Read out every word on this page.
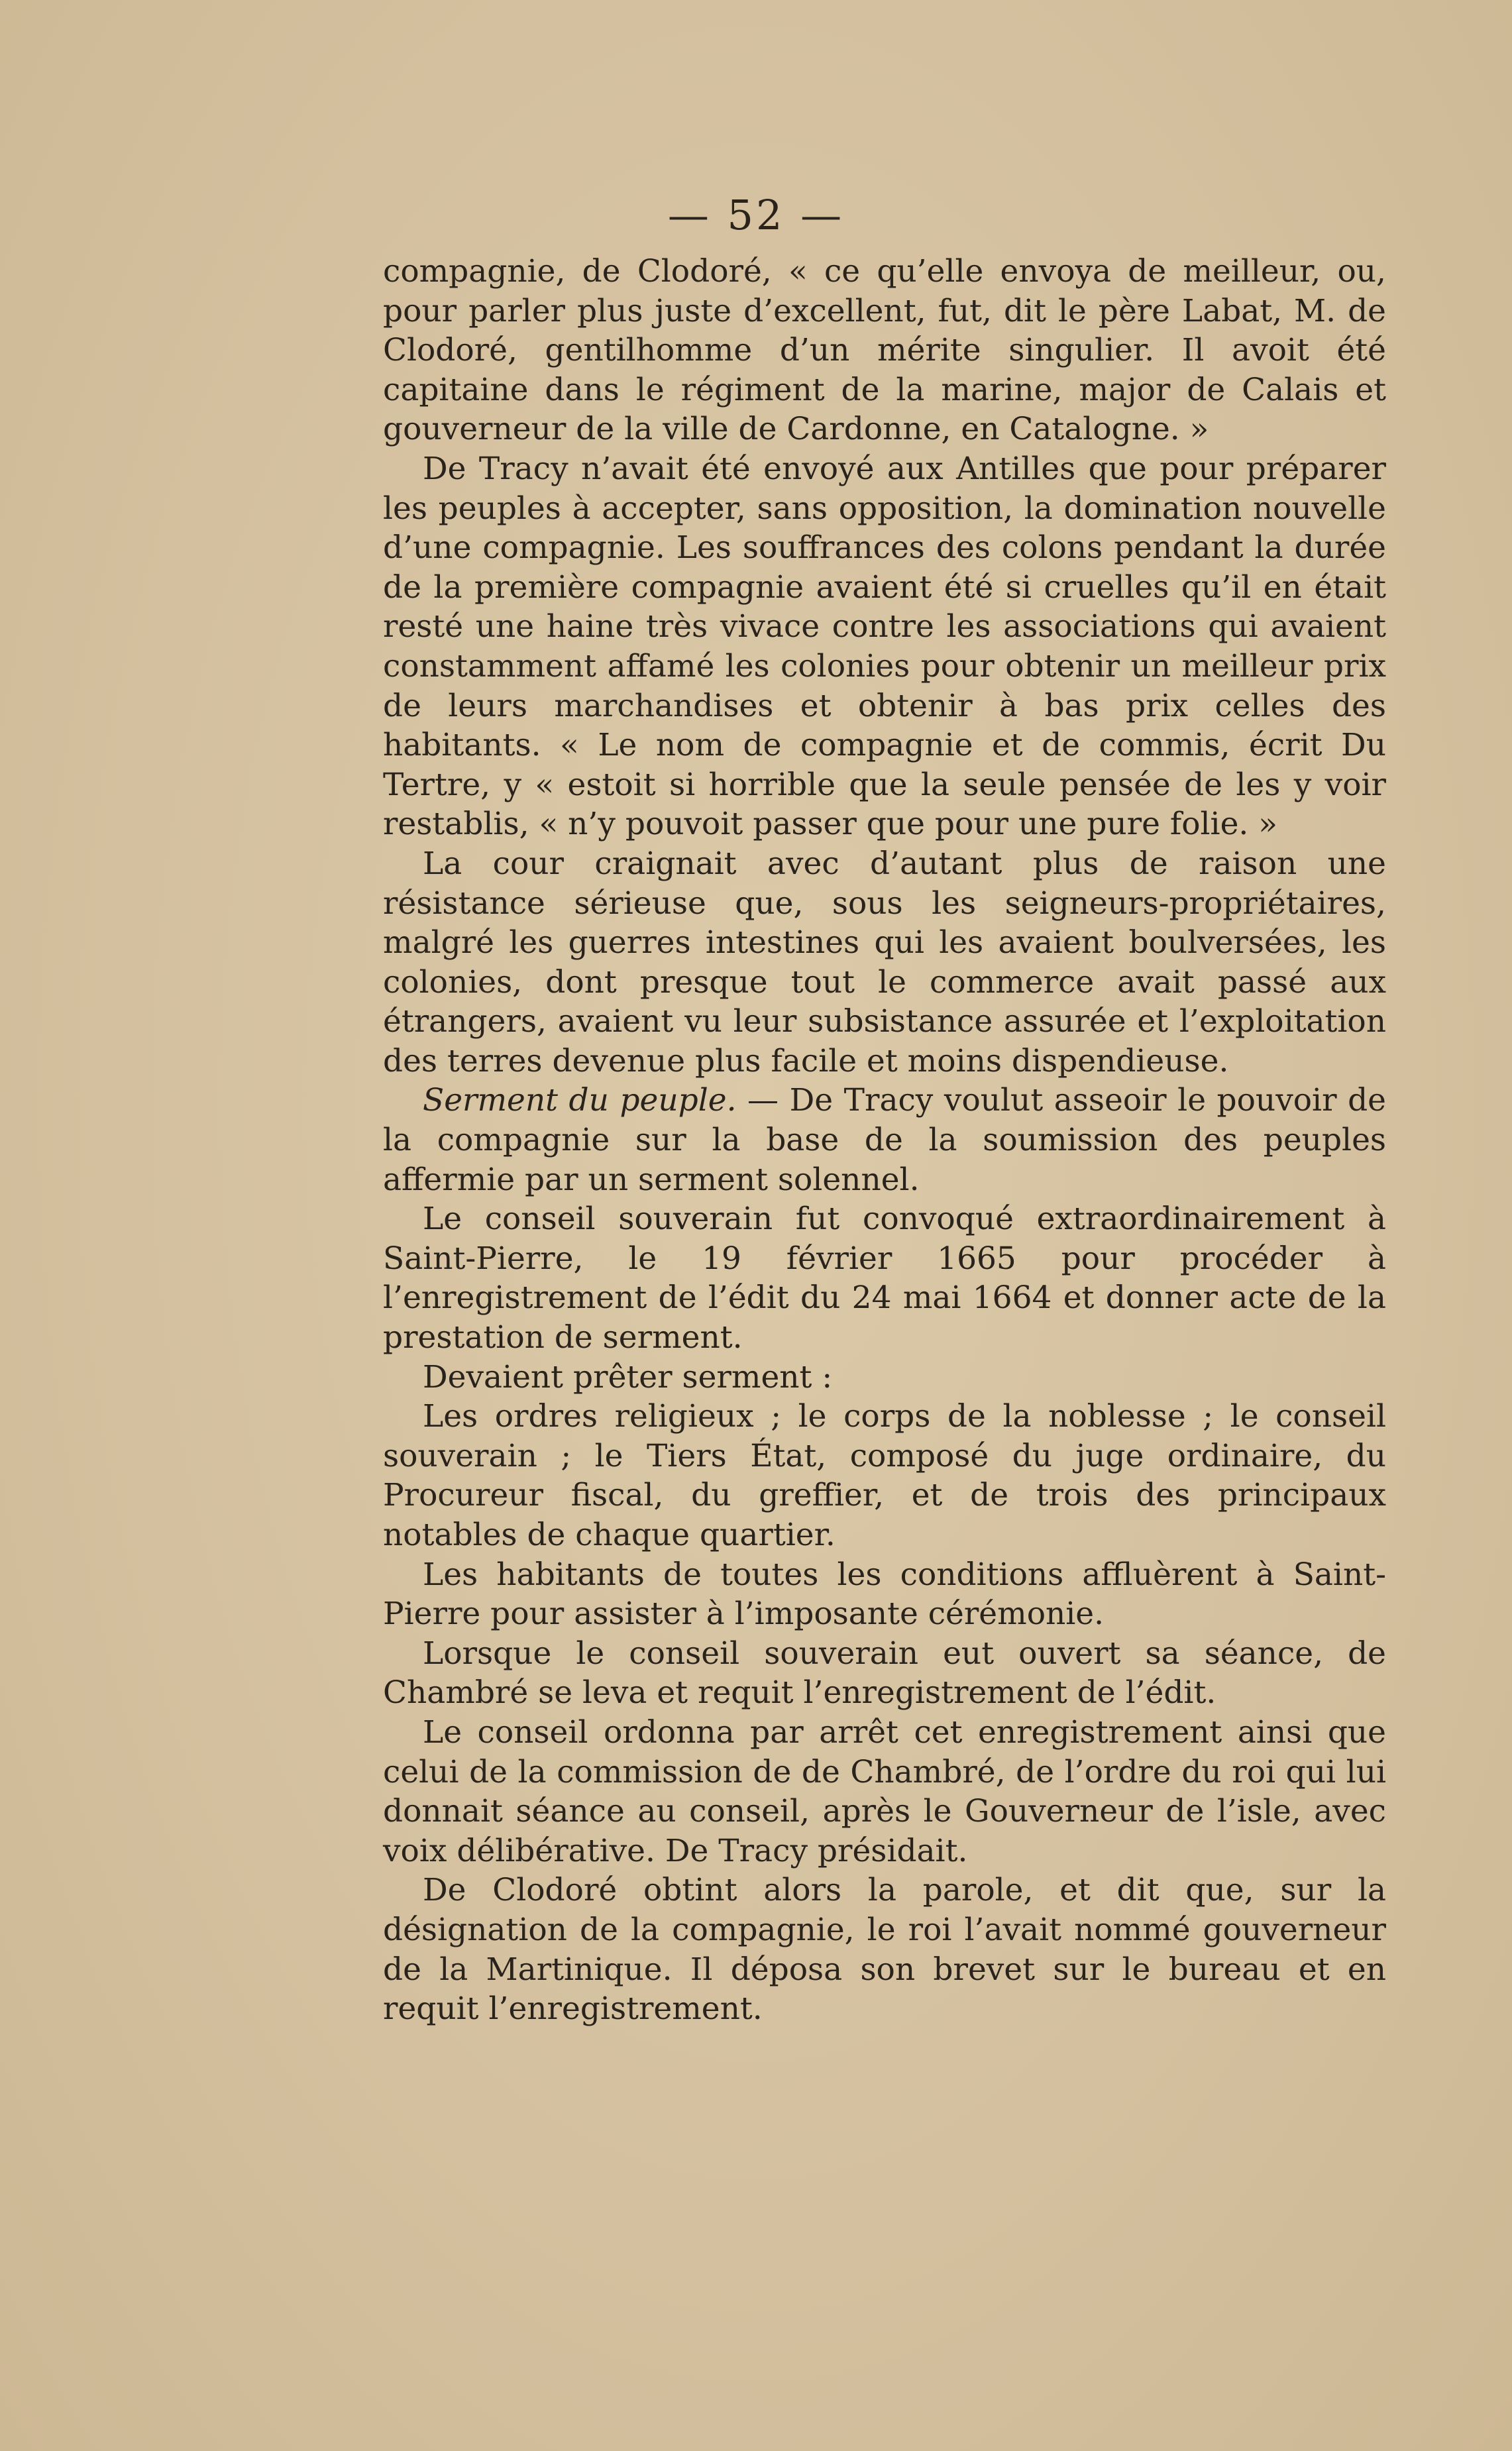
— 52 —

compagnie, de Clodoré, « ce qu’elle envoya de meilleur, ou, pour parler plus juste d’excellent, fut, dit le père Labat, M. de Clodoré, gentilhomme d’un mérite singulier. Il avoit été capitaine dans le régiment de la marine, major de Calais et gouverneur de la ville de Cardonne, en Catalogne. »

De Tracy n’avait été envoyé aux Antilles que pour préparer les peuples à accepter, sans opposition, la domination nouvelle d’une compagnie. Les souffrances des colons pendant la durée de la première compagnie avaient été si cruelles qu’il en était resté une haine très vivace contre les associations qui avaient constamment affamé les colonies pour obtenir un meilleur prix de leurs marchandises et obtenir à bas prix celles des habitants. « Le nom de compagnie et de commis, écrit Du Tertre, y « estoit si horrible que la seule pensée de les y voir restablis, « n’y pouvoit passer que pour une pure folie. »

La cour craignait avec d’autant plus de raison une résistance sérieuse que, sous les seigneurs-propriétaires, malgré les guerres intestines qui les avaient boulversées, les colonies, dont presque tout le commerce avait passé aux étrangers, avaient vu leur subsistance assurée et l’exploitation des terres devenue plus facile et moins dispendieuse.

Serment du peuple. — De Tracy voulut asseoir le pouvoir de la compagnie sur la base de la soumission des peuples affermie par un serment solennel.

Le conseil souverain fut convoqué extraordinairement à Saint-Pierre, le 19 février 1665 pour procéder à l’enregistrement de l’édit du 24 mai 1664 et donner acte de la prestation de serment.

Devaient prêter serment :

Les ordres religieux ; le corps de la noblesse ; le conseil souverain ; le Tiers État, composé du juge ordinaire, du Procureur fiscal, du greffier, et de trois des principaux notables de chaque quartier.

Les habitants de toutes les conditions affluèrent à Saint-Pierre pour assister à l’imposante cérémonie.

Lorsque le conseil souverain eut ouvert sa séance, de Chambré se leva et requit l’enregistrement de l’édit.

Le conseil ordonna par arrêt cet enregistrement ainsi que celui de la commission de de Chambré, de l’ordre du roi qui lui donnait séance au conseil, après le Gouverneur de l’isle, avec voix délibérative. De Tracy présidait.

De Clodoré obtint alors la parole, et dit que, sur la désignation de la compagnie, le roi l’avait nommé gouverneur de la Martinique. Il déposa son brevet sur le bureau et en requit l’enregistrement.
